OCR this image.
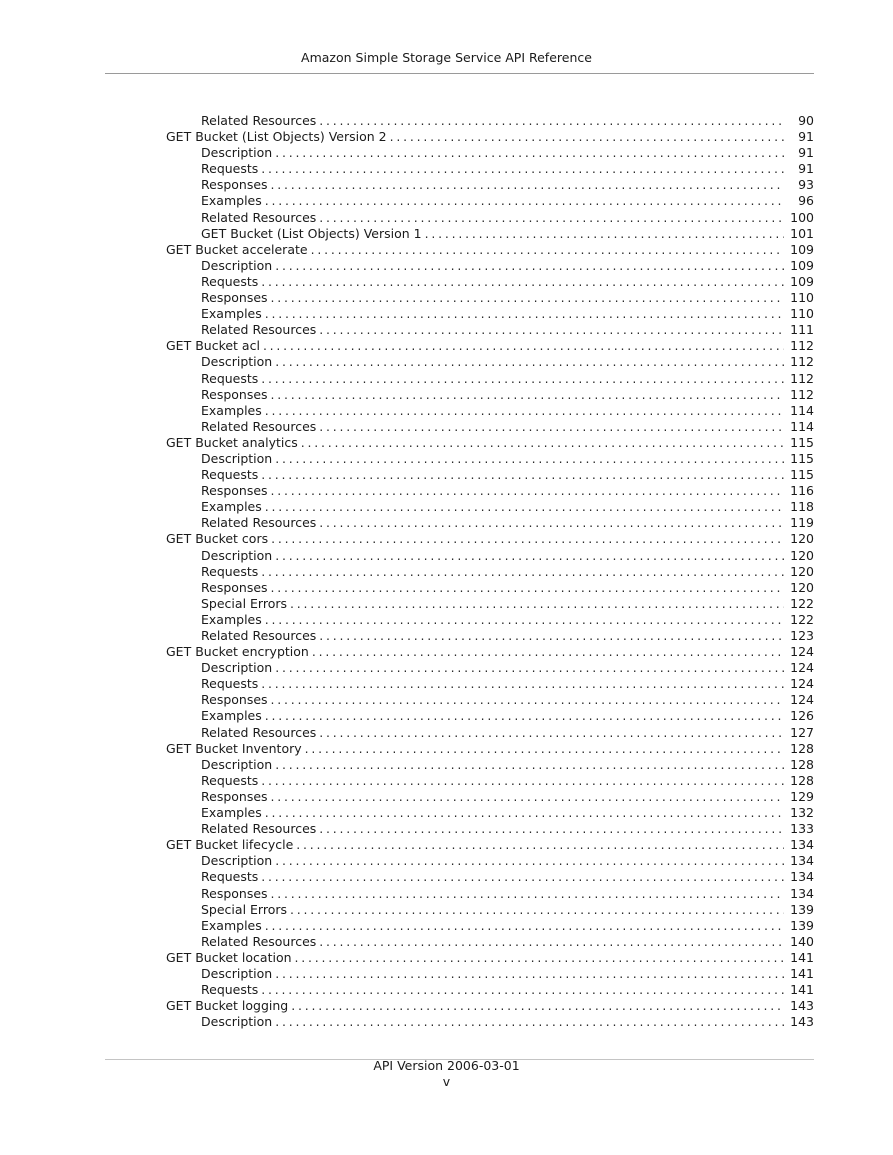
Amazon Simple Storage Service API Reference
Related Resources . . .	90
GET Bucket (List Objects) Version 2 . . .	91
Description . . .	91
Requests . . .	91
Responses . . .	93
Examples . . .	96
Related Resources . . .	100
GET Bucket (List Objects) Version 1 . . .	101
GET Bucket accelerate . . .	109
Description . . .	109
Requests . . .	109
Responses . . .	110
Examples . . .	110
Related Resources . . .	111
GET Bucket acl . . .	112
Description . . .	112
Requests . . .	112
Responses . . .	112
Examples . . .	114
Related Resources . . .	114
GET Bucket analytics . . .	115
Description . . .	115
Requests . . .	115
Responses . . .	116
Examples . . .	118
Related Resources . . .	119
GET Bucket cors . . .	120
Description . . .	120
Requests . . .	120
Responses . . .	120
Special Errors . . .	122
Examples . . .	122
Related Resources . . .	123
GET Bucket encryption . . .	124
Description . . .	124
Requests . . .	124
Responses . . .	124
Examples . . .	126
Related Resources . . .	127
GET Bucket Inventory . . .	128
Description . . .	128
Requests . . .	128
Responses . . .	129
Examples . . .	132
Related Resources . . .	133
GET Bucket lifecycle . . .	134
Description . . .	134
Requests . . .	134
Responses . . .	134
Special Errors . . .	139
Examples . . .	139
Related Resources . . .	140
GET Bucket location . . .	141
Description . . .	141
Requests . . .	141
GET Bucket logging . . .	143
Description . . .	143
API Version 2006-03-01
v
